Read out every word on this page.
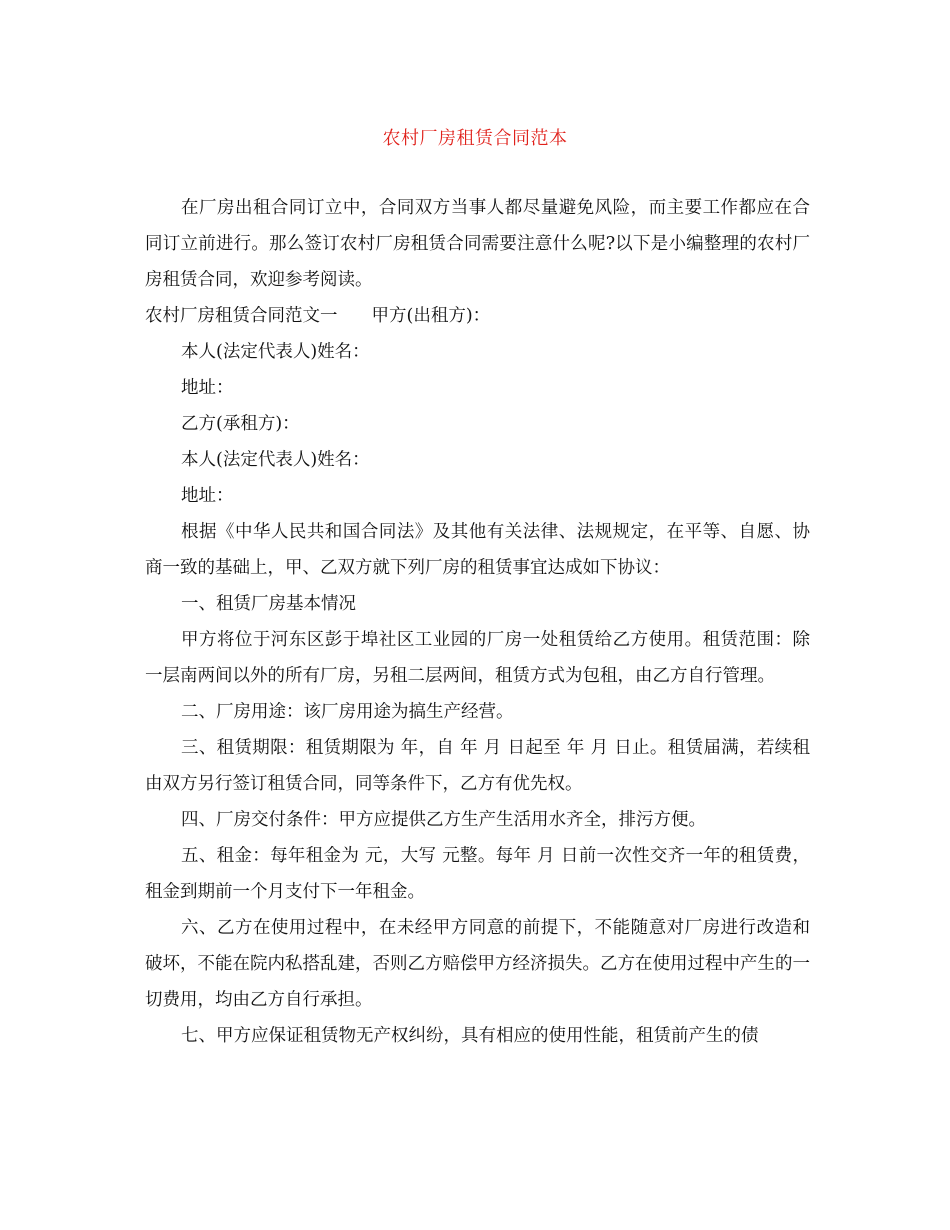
农村厂房租赁合同范本

在厂房出租合同订立中，合同双方当事人都尽量避免风险，而主要工作都应在合同订立前进行。那么签订农村厂房租赁合同需要注意什么呢?以下是小编整理的农村厂房租赁合同，欢迎参考阅读。

农村厂房租赁合同范文一 甲方(出租方)：

本人(法定代表人)姓名：

地址：

乙方(承租方)：

本人(法定代表人)姓名：

地址：

根据《中华人民共和国合同法》及其他有关法律、法规规定，在平等、自愿、协商一致的基础上，甲、乙双方就下列厂房的租赁事宜达成如下协议：

一、租赁厂房基本情况

甲方将位于河东区彭于埠社区工业园的厂房一处租赁给乙方使用。租赁范围：除一层南两间以外的所有厂房，另租二层两间，租赁方式为包租，由乙方自行管理。

二、厂房用途：该厂房用途为搞生产经营。

三、租赁期限：租赁期限为 年，自 年 月 日起至 年 月 日止。租赁届满，若续租由双方另行签订租赁合同，同等条件下，乙方有优先权。

四、厂房交付条件：甲方应提供乙方生产生活用水齐全，排污方便。

五、租金：每年租金为 元，大写 元整。每年 月 日前一次性交齐一年的租赁费，租金到期前一个月支付下一年租金。

六、乙方在使用过程中，在未经甲方同意的前提下，不能随意对厂房进行改造和破坏，不能在院内私搭乱建，否则乙方赔偿甲方经济损失。乙方在使用过程中产生的一切费用，均由乙方自行承担。

七、甲方应保证租赁物无产权纠纷，具有相应的使用性能，租赁前产生的债
